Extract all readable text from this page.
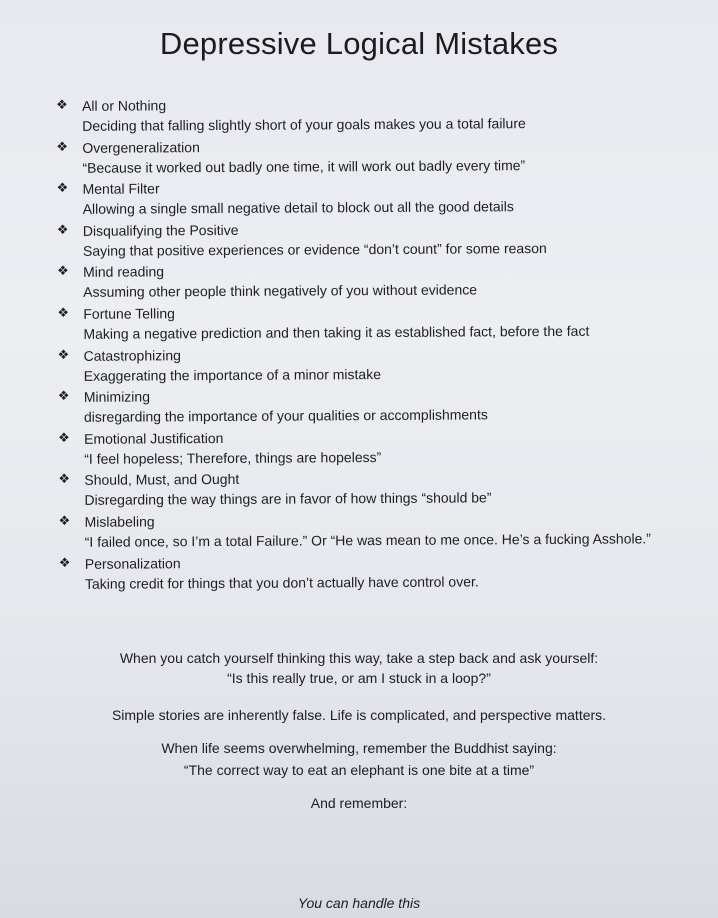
Depressive Logical Mistakes
❖ All or Nothing
Deciding that falling slightly short of your goals makes you a total failure
❖ Overgeneralization
“Because it worked out badly one time, it will work out badly every time”
❖ Mental Filter
Allowing a single small negative detail to block out all the good details
❖ Disqualifying the Positive
Saying that positive experiences or evidence “don’t count” for some reason
❖ Mind reading
Assuming other people think negatively of you without evidence
❖ Fortune Telling
Making a negative prediction and then taking it as established fact, before the fact
❖ Catastrophizing
Exaggerating the importance of a minor mistake
❖ Minimizing
disregarding the importance of your qualities or accomplishments
❖ Emotional Justification
“I feel hopeless; Therefore, things are hopeless”
❖ Should, Must, and Ought
Disregarding the way things are in favor of how things “should be”
❖ Mislabeling
“I failed once, so I’m a total Failure.” Or “He was mean to me once. He’s a fucking Asshole.”
❖ Personalization
Taking credit for things that you don’t actually have control over.
When you catch yourself thinking this way, take a step back and ask yourself:
“Is this really true, or am I stuck in a loop?”
Simple stories are inherently false. Life is complicated, and perspective matters.
When life seems overwhelming, remember the Buddhist saying:
“The correct way to eat an elephant is one bite at a time”
And remember:
You can handle this
